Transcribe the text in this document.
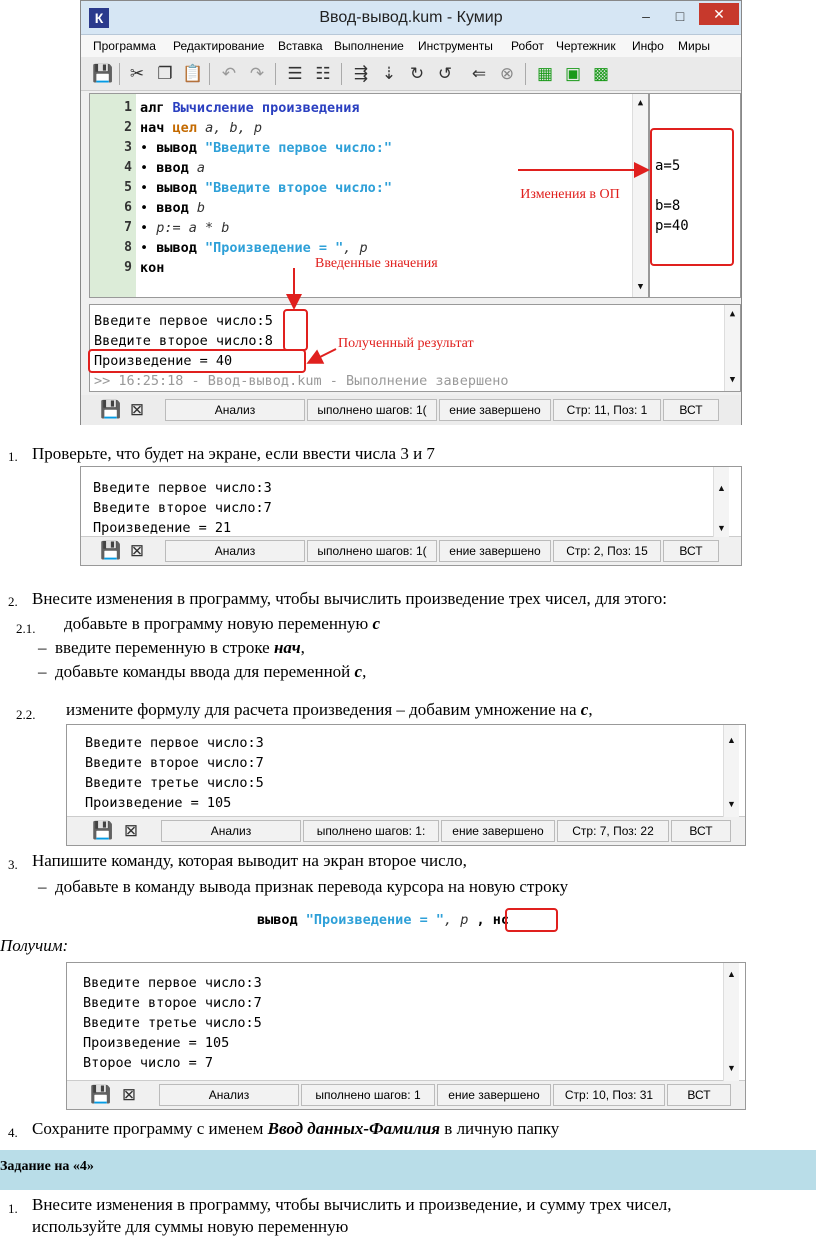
К	Ввод-вывод.kum - Кумир	–	□	✕
Программа Редактирование Вставка Выполнение Инструменты Робот Чертежник Инфо Миры
💾 ✂ ❐ 📋 ↶ ↷ ☰ ☷ ⇶ ⇣ ↻ ↺ ⇐ ⊗ ▦ ▣ ▩
1
2
3
4
5
6
7
8
9
алг Вычисление произведения
нач цел a, b, p
• вывод "Введите первое число:"
• ввод a
• вывод "Введите второе число:"
• ввод b
• p:= a * b
• вывод "Произведение = ", p
кон
▲
▼
a=5
b=8
p=40
Введите первое число:5
Введите второе число:8
Произведение = 40
>> 16:25:18 - Ввод-вывод.kum - Выполнение завершено
▲
▼
💾 ⊠	Анализ	ыполнено шагов: 1(	ение завершено	Стр: 11, Поз: 1	ВСТ
Изменения в ОП
Введенные значения
Полученный результат
1. Проверьте, что будет на экране, если ввести числа 3 и 7
Введите первое число:3
Введите второе число:7
Произведение = 21
▲
▼
💾 ⊠	Анализ	ыполнено шагов: 1(	ение завершено	Стр: 2, Поз: 15	ВСТ
2. Внесите изменения в программу, чтобы вычислить произведение трех чисел, для этого:
2.1. добавьте в программу новую переменную с
– введите переменную в строке нач,
– добавьте команды ввода для переменной с,
2.2. измените формулу для расчета произведения – добавим умножение на с,
Введите первое число:3
Введите второе число:7
Введите третье число:5
Произведение = 105
▲
▼
💾 ⊠	Анализ	ыполнено шагов: 1:	ение завершено	Стр: 7, Поз: 22	ВСТ
3. Напишите команду, которая выводит на экран второе число,
– добавьте в команду вывода признак перевода курсора на новую строку
вывод "Произведение = ", p , нс
Получим:
Введите первое число:3
Введите второе число:7
Введите третье число:5
Произведение = 105
Второе число = 7
▲
▼
💾 ⊠	Анализ	ыполнено шагов: 1	ение завершено	Стр: 10, Поз: 31	ВСТ
4. Сохраните программу с именем Ввод данных-Фамилия в личную папку
Задание на «4»
1. Внесите изменения в программу, чтобы вычислить и произведение, и сумму трех чисел,
используйте для суммы новую переменную
